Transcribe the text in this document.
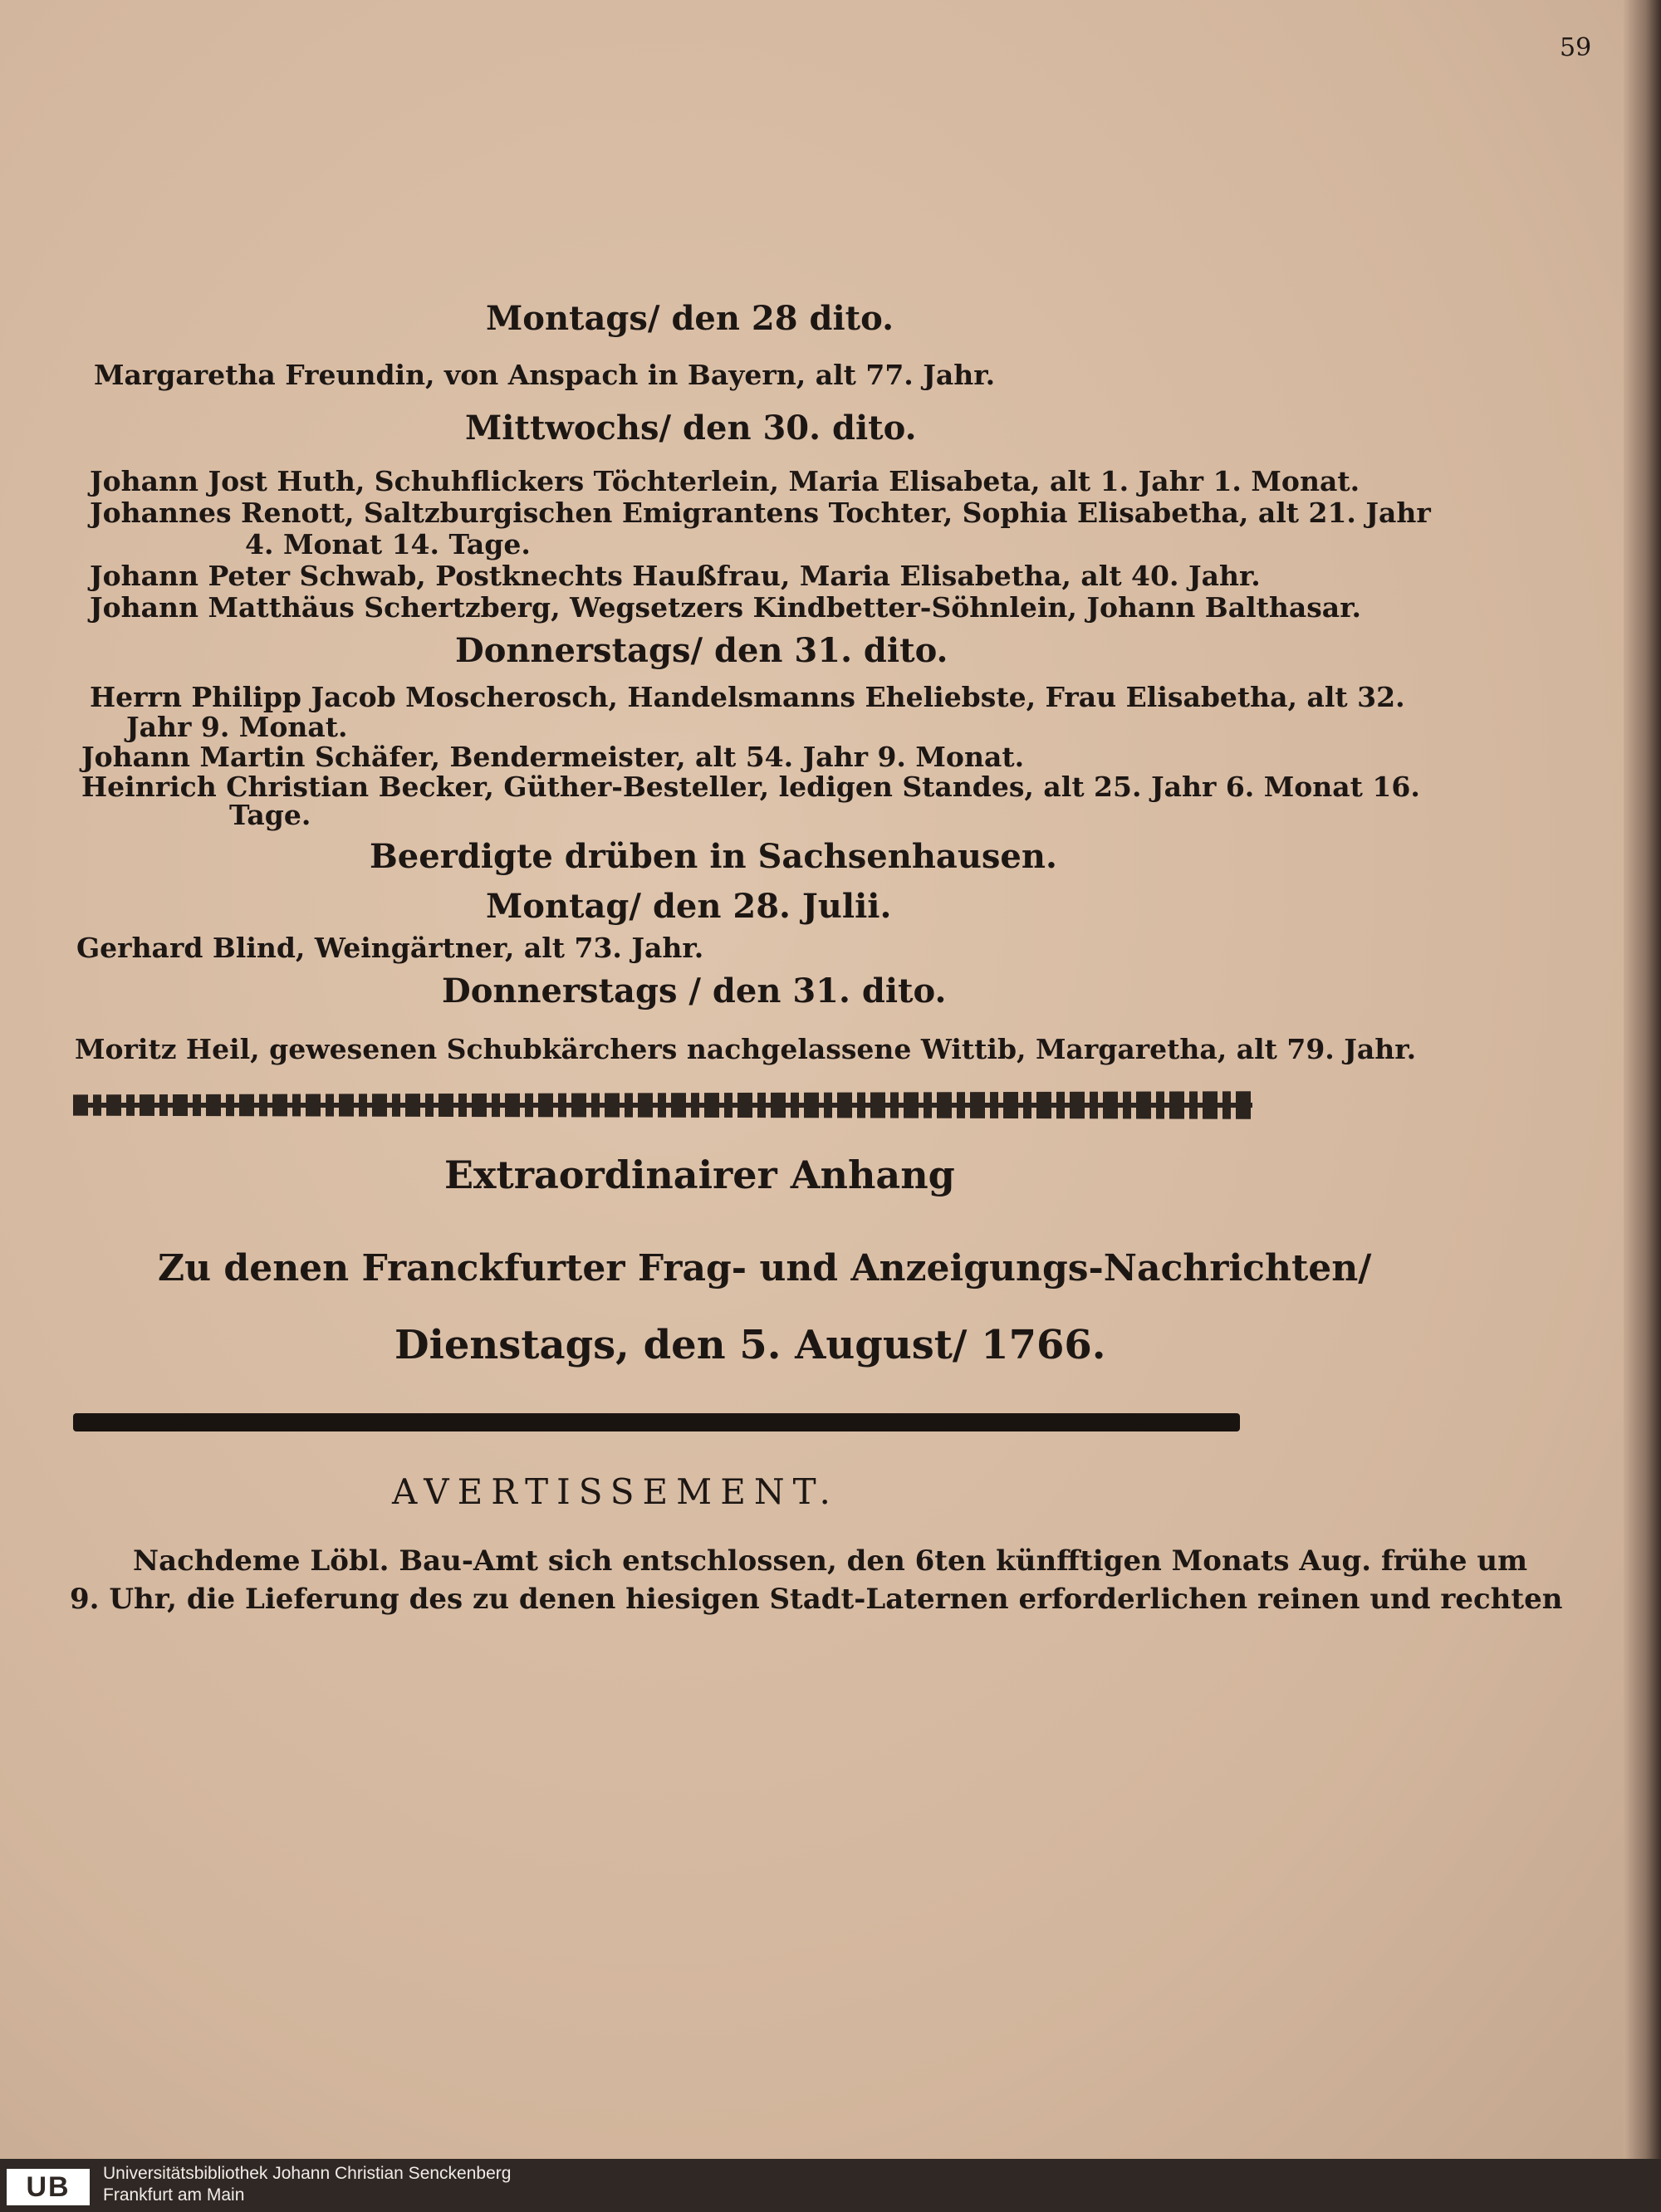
59
Montags/ den 28 dito.
Margaretha Freundin, von Anspach in Bayern, alt 77. Jahr.
Mittwochs/ den 30. dito.
Johann Jost Huth, Schuhflickers Töchterlein, Maria Elisabeta, alt 1. Jahr 1. Monat.
Johannes Renott, Saltzburgischen Emigrantens Tochter, Sophia Elisabetha, alt 21. Jahr
4. Monat 14. Tage.
Johann Peter Schwab, Postknechts Haußfrau, Maria Elisabetha, alt 40. Jahr.
Johann Matthäus Schertzberg, Wegsetzers Kindbetter-Söhnlein, Johann Balthasar.
Donnerstags/ den 31. dito.
Herrn Philipp Jacob Moscherosch, Handelsmanns Eheliebste, Frau Elisabetha, alt 32.
Jahr 9. Monat.
Johann Martin Schäfer, Bendermeister, alt 54. Jahr 9. Monat.
Heinrich Christian Becker, Güther-Besteller, ledigen Standes, alt 25. Jahr 6. Monat 16.
Tage.
Beerdigte drüben in Sachsenhausen.
Montag/ den 28. Julii.
Gerhard Blind, Weingärtner, alt 73. Jahr.
Donnerstags / den 31. dito.
Moritz Heil, gewesenen Schubkärchers nachgelassene Wittib, Margaretha, alt 79. Jahr.
Extraordinairer Anhang
Zu denen Franckfurter Frag- und Anzeigungs-Nachrichten/
Dienstags, den 5. August/ 1766.
AVERTISSEMENT.
Nachdeme Löbl. Bau-Amt sich entschlossen, den 6ten künfftigen Monats Aug. frühe um
9. Uhr, die Lieferung des zu denen hiesigen Stadt-Laternen erforderlichen reinen und rechten
UB	Universitätsbibliothek Johann Christian Senckenberg
Frankfurt am Main
